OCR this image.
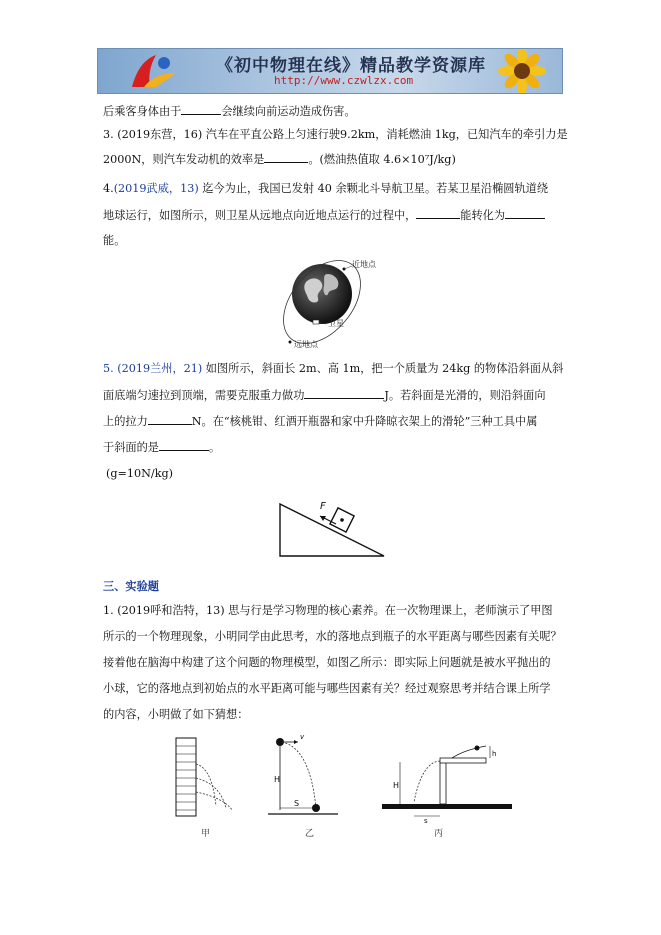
《初中物理在线》精品教学资源库
http://www.czwlzx.com
后乘客身体由于	会继续向前运动造成伤害。
3. (2019东营，16) 汽车在平直公路上匀速行驶9.2km，消耗燃油 1kg，已知汽车的牵引力是
2000N，则汽车发动机的效率是	。(燃油热值取 4.6×10⁷J/kg)
4.(2019武威，13) 迄今为止，我国已发射 40 余颗北斗导航卫星。若某卫星沿椭圆轨道绕
地球运行，如图所示，则卫星从远地点向近地点运行的过程中，	能转化为
能。
近地点
卫星
远地点
5. (2019兰州，21) 如图所示，斜面长 2m、高 1m，把一个质量为 24kg 的物体沿斜面从斜
面底端匀速拉到顶端，需要克服重力做功	J。若斜面是光滑的，则沿斜面向
上的拉力	N。在“核桃钳、红酒开瓶器和家中升降晾衣架上的滑轮”三种工具中属
于斜面的是	。
(g=10N/kg)
F
三、实验题
1. (2019呼和浩特，13) 思与行是学习物理的核心素养。在一次物理课上，老师演示了甲图
所示的一个物理现象，小明同学由此思考，水的落地点到瓶子的水平距离与哪些因素有关呢？
接着他在脑海中构建了这个问题的物理模型，如图乙所示：即实际上问题就是被水平抛出的
小球，它的落地点到初始点的水平距离可能与哪些因素有关？经过观察思考并结合课上所学
的内容，小明做了如下猜想：
甲
v
H
S
乙
h
H
s
丙
